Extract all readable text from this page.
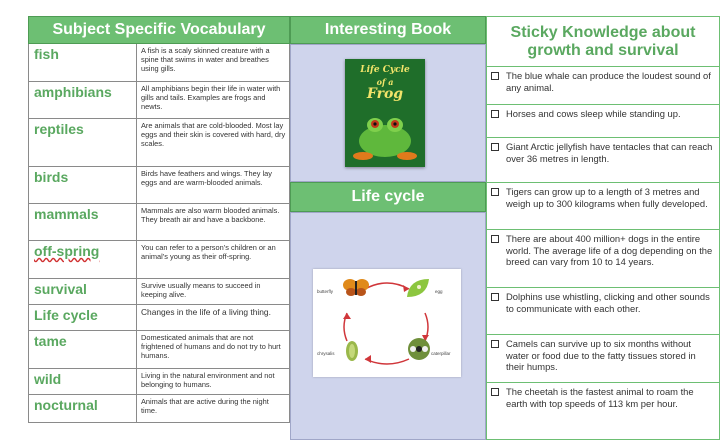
Subject Specific Vocabulary
fish	A fish is a scaly skinned creature with a spine that swims in water and breathes using gills.
amphibians	All amphibians begin their life in water with gills and tails. Examples are frogs and newts.
reptiles	Are animals that are cold-blooded. Most lay eggs and their skin is covered with hard, dry scales.
birds	Birds have feathers and wings. They lay eggs and are warm-blooded animals.
mammals	Mammals are also warm blooded animals. They breath air and have a backbone.
off-spring	You can refer to a person’s children or an animal’s young as their off-spring.
survival	Survive usually means to succeed in keeping alive.
Life cycle	Changes in the life of a living thing.
tame	Domesticated animals that are not frightened of humans and do not try to hurt humans.
wild	Living in the natural environment and not belonging to humans.
nocturnal	Animals that are active during the night time.
Interesting Book
Life Cycle
of a
Frog
Life cycle
butterfly	egg
chrysalis	caterpillar
Sticky Knowledge about
growth and survival
The blue whale can produce the loudest sound of any animal.
Horses and cows sleep while standing up.
Giant Arctic jellyfish have tentacles that can reach over 36 metres in length.
Tigers can grow up to a length of 3 metres and weigh up to 300 kilograms when fully developed.
There are about 400 million+ dogs in the entire world. The average life of a dog depending on the breed can vary from 10 to 14 years.
Dolphins use whistling, clicking and other sounds to communicate with each other.
Camels can survive up to six months without water or food due to the fatty tissues stored in their humps.
The cheetah is the fastest animal to roam the earth with top speeds of 113 km per hour.
